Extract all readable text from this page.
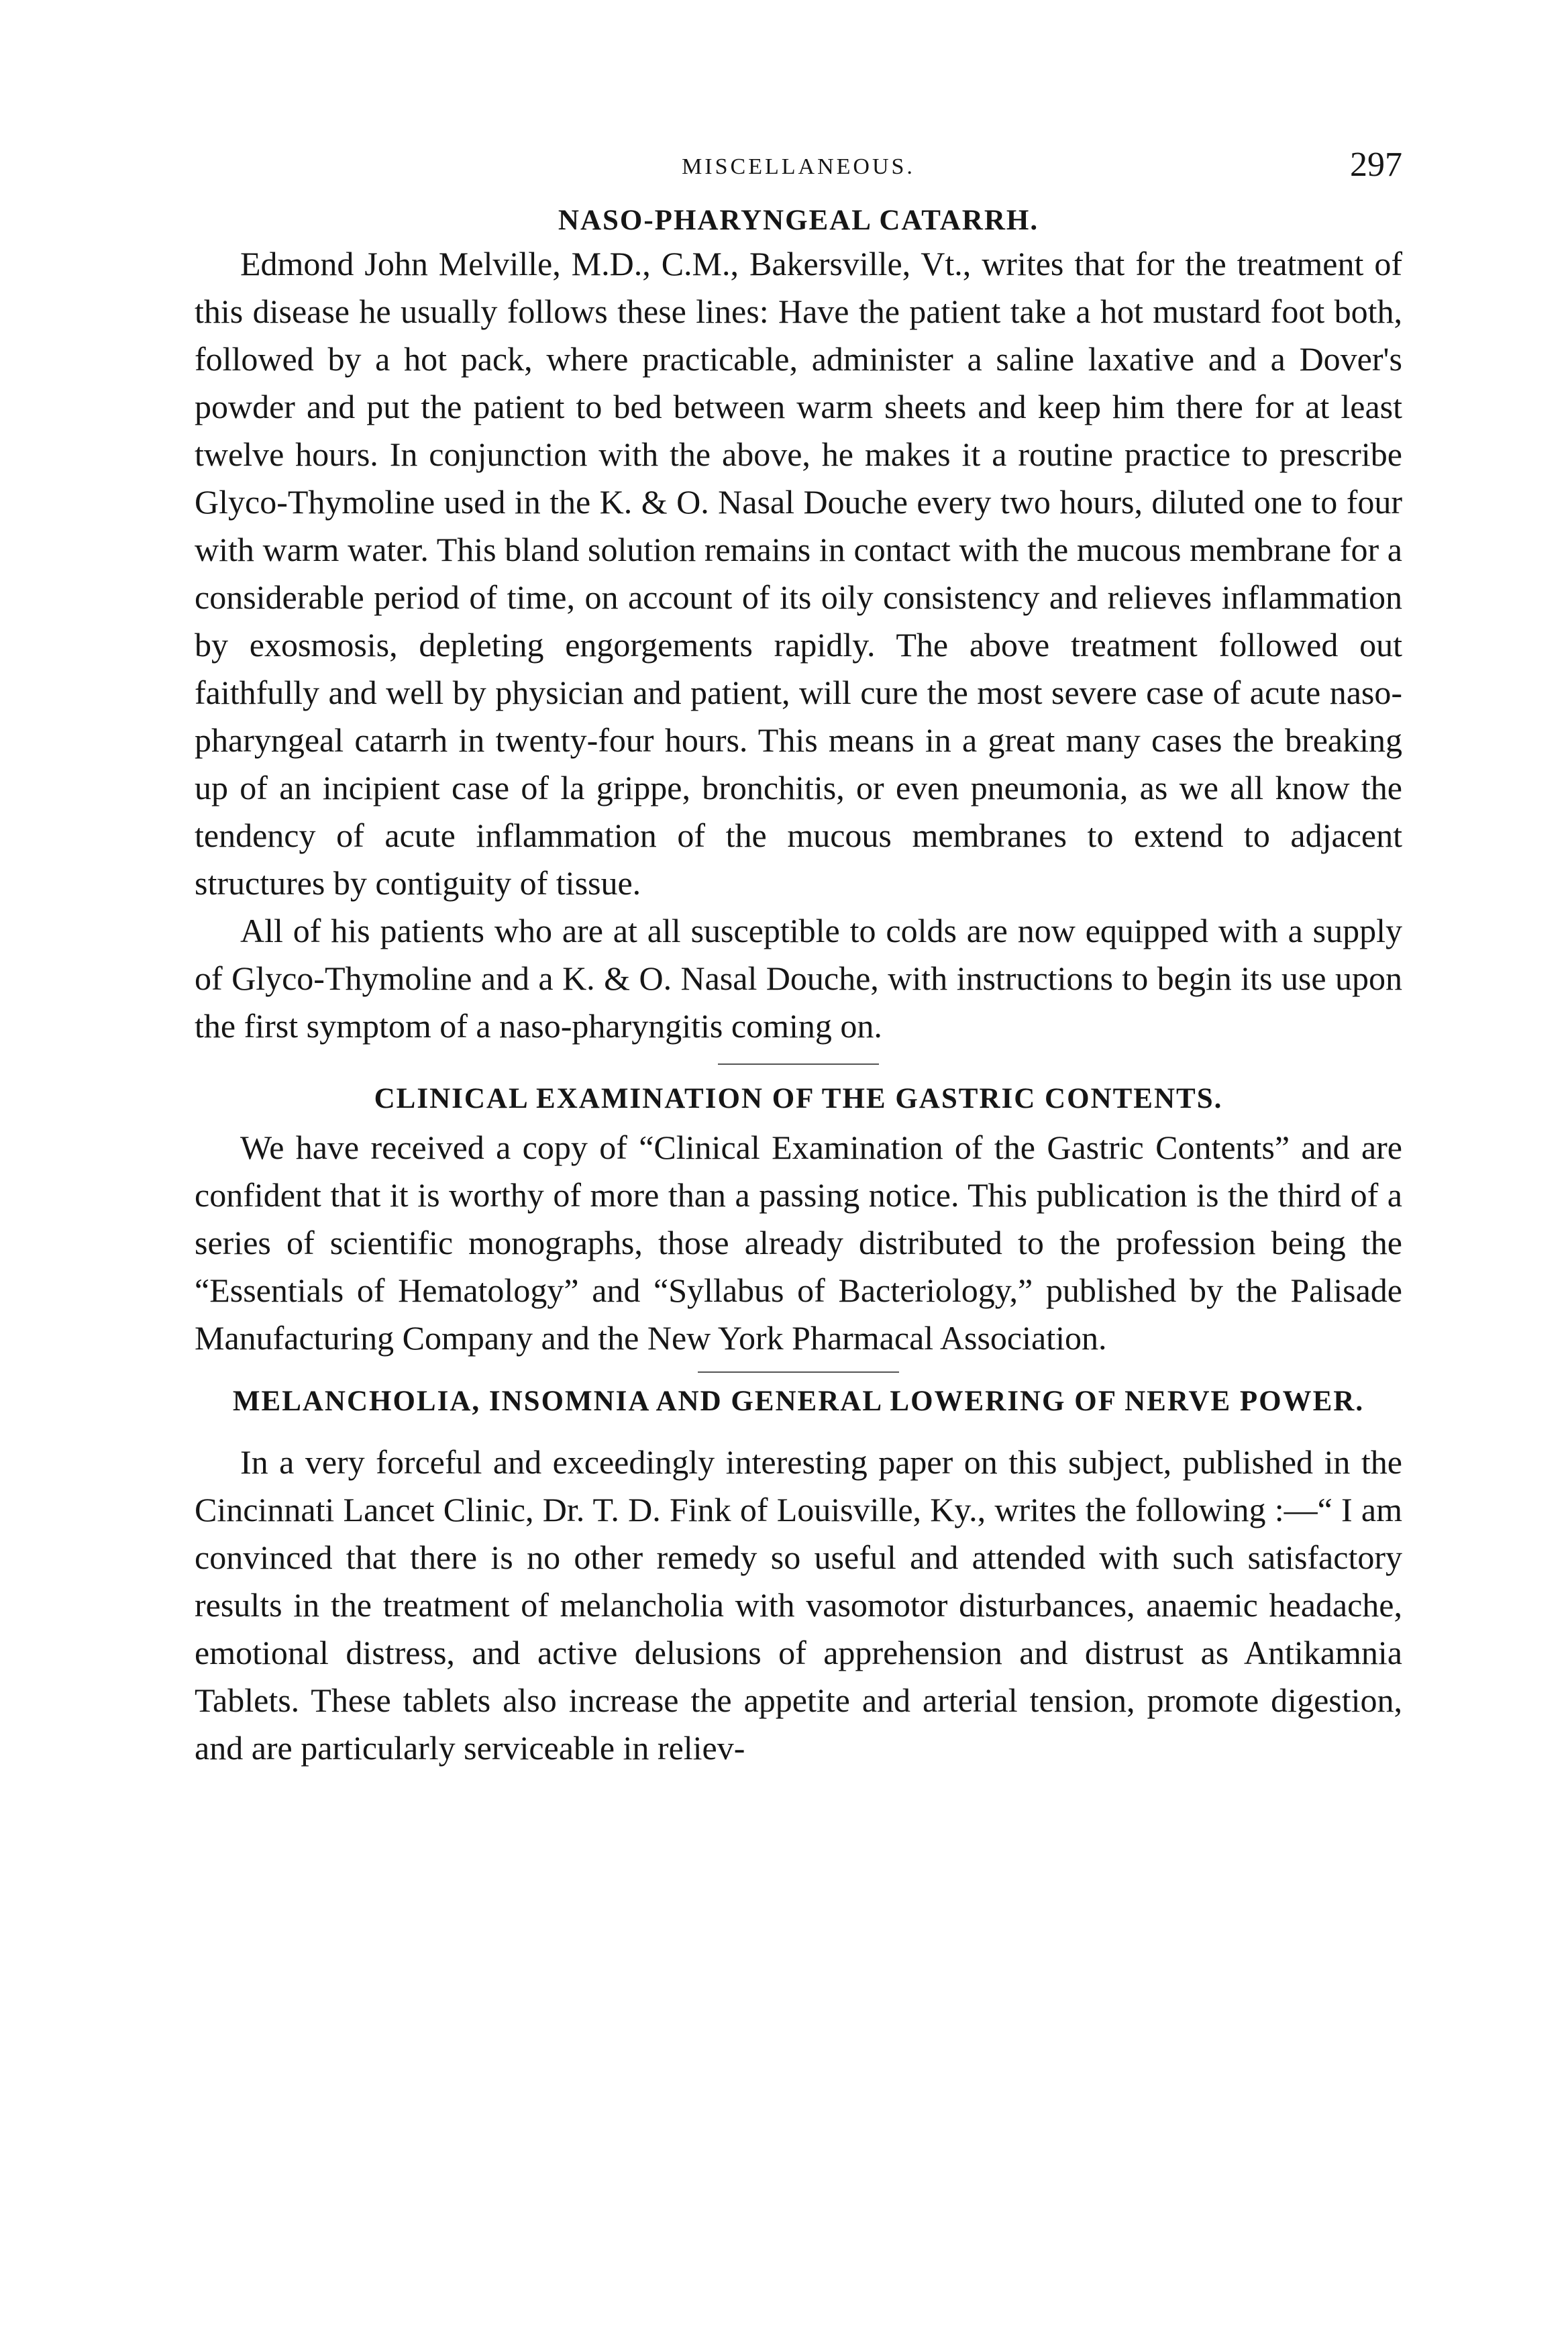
MISCELLANEOUS.	297
NASO-PHARYNGEAL CATARRH.

Edmond John Melville, M.D., C.M., Bakersville, Vt., writes that for the treatment of this disease he usually follows these lines: Have the patient take a hot mustard foot both, followed by a hot pack, where practicable, administer a saline laxative and a Dover's powder and put the patient to bed between warm sheets and keep him there for at least twelve hours. In conjunction with the above, he makes it a routine practice to prescribe Glyco-Thymoline used in the K. & O. Nasal Douche every two hours, diluted one to four with warm water. This bland solution remains in contact with the mucous membrane for a considerable period of time, on account of its oily consistency and relieves inflammation by exosmosis, depleting engorgements rapidly. The above treatment followed out faithfully and well by physician and patient, will cure the most severe case of acute naso-pharyngeal catarrh in twenty-four hours. This means in a great many cases the breaking up of an incipient case of la grippe, bronchitis, or even pneumonia, as we all know the tendency of acute inflammation of the mucous membranes to extend to adjacent structures by contiguity of tissue.

All of his patients who are at all susceptible to colds are now equipped with a supply of Glyco-Thymoline and a K. & O. Nasal Douche, with instructions to begin its use upon the first symptom of a naso-pharyngitis coming on.

CLINICAL EXAMINATION OF THE GASTRIC CONTENTS.

We have received a copy of “Clinical Examination of the Gastric Contents” and are confident that it is worthy of more than a passing notice. This publication is the third of a series of scientific monographs, those already distributed to the profession being the “Essentials of Hematology” and “Syllabus of Bacteriology,” published by the Palisade Manufacturing Company and the New York Pharmacal Association.

MELANCHOLIA, INSOMNIA AND GENERAL LOWERING OF NERVE POWER.

In a very forceful and exceedingly interesting paper on this subject, published in the Cincinnati Lancet Clinic, Dr. T. D. Fink of Louisville, Ky., writes the following :—“ I am convinced that there is no other remedy so useful and attended with such satisfactory results in the treatment of melancholia with vasomotor disturbances, anaemic headache, emotional distress, and active delusions of apprehension and distrust as Antikamnia Tablets. These tablets also increase the appetite and arterial tension, promote digestion, and are particularly serviceable in reliev-
